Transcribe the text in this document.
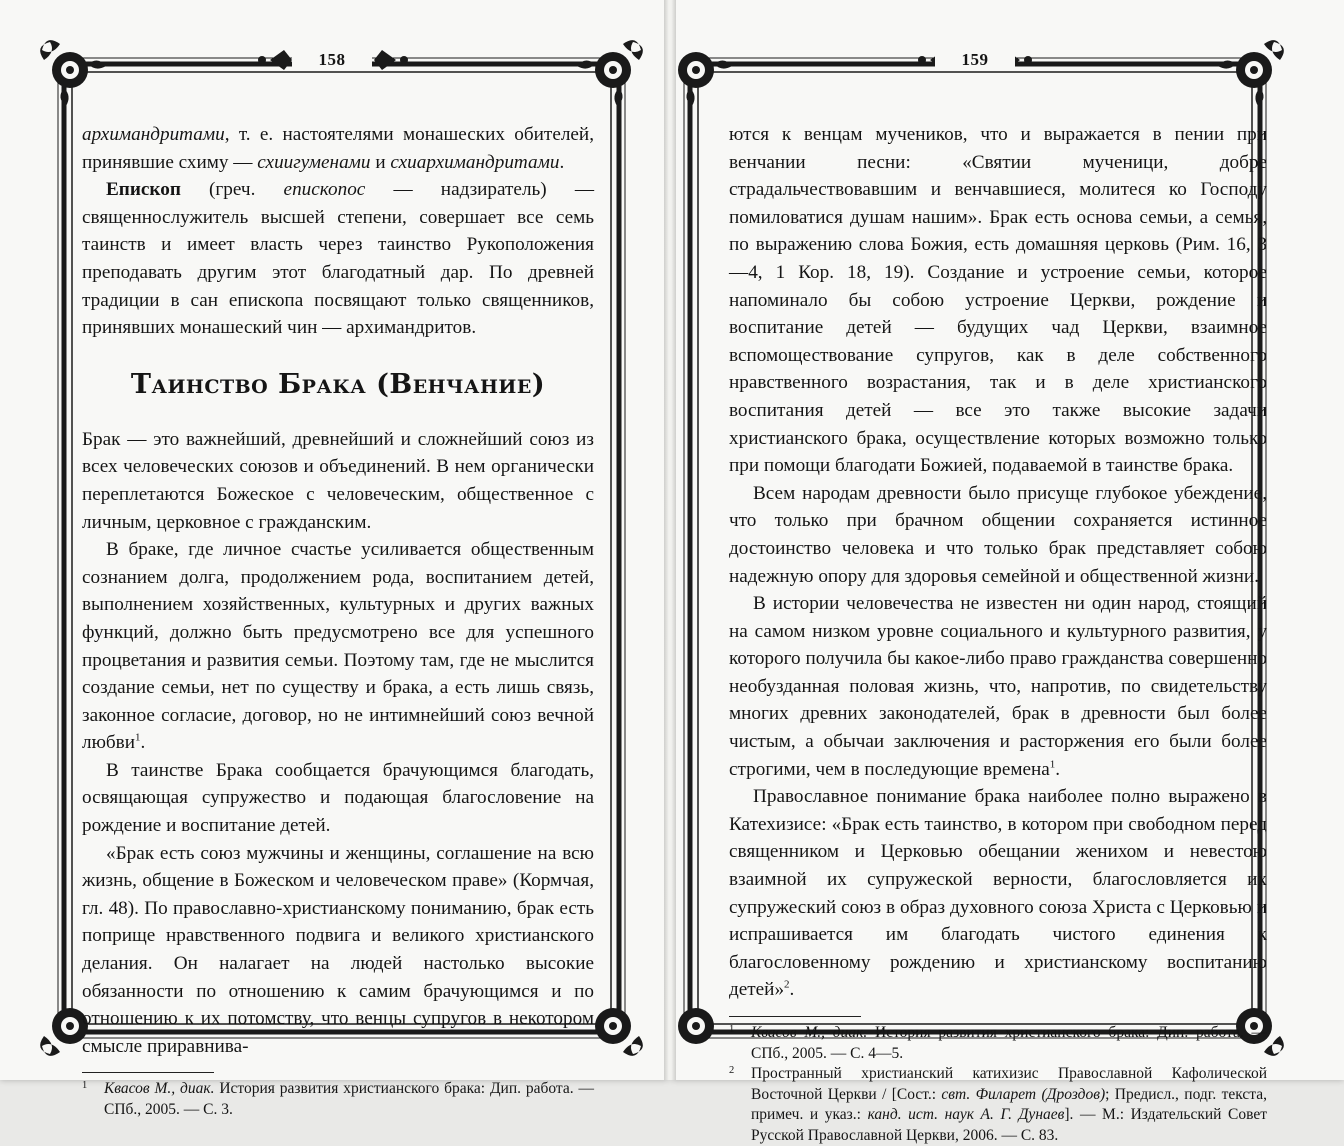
158

архимандритами, т. е. настоятелями монашеских обителей, принявшие схиму — схиигуменами и схиархимандритами.

Епископ (греч. епископос — надзиратель) — священнослужитель высшей степени, совершает все семь таинств и имеет власть через таинство Рукоположения преподавать другим этот благодатный дар. По древней традиции в сан епископа посвящают только священников, принявших монашеский чин — архимандритов.

Таинство Брака (Венчание)

Брак — это важнейший, древнейший и сложнейший союз из всех человеческих союзов и объединений. В нем органически переплетаются Божеское с человеческим, общественное с личным, церковное с гражданским.

В браке, где личное счастье усиливается общественным сознанием долга, продолжением рода, воспитанием детей, выполнением хозяйственных, культурных и других важных функций, должно быть предусмотрено все для успешного процветания и развития семьи. Поэтому там, где не мыслится создание семьи, нет по существу и брака, а есть лишь связь, законное согласие, договор, но не интимнейший союз вечной любви$^1$.

В таинстве Брака сообщается брачующимся благодать, освящающая супружество и подающая благословение на рождение и воспитание детей.

«Брак есть союз мужчины и женщины, соглашение на всю жизнь, общение в Божеском и человеческом праве» (Кормчая, гл. 48). По православно-христианскому пониманию, брак есть поприще нравственного подвига и великого христианского делания. Он налагает на людей настолько высокие обязанности по отношению к самим брачующимся и по отношению к их потомству, что венцы супругов в некотором смысле приравнива-

1 Квасов М., диак. История развития христианского брака: Дип. работа. — СПб., 2005. — С. 3.

159

ются к венцам мучеников, что и выражается в пении при венчании песни: «Святии мученици, добре страдальчествовавшим и венчавшиеся, молитеся ко Господу помиловатися душам нашим». Брак есть основа семьи, а семья, по выражению слова Божия, есть домашняя церковь (Рим. 16, 3—4, 1 Кор. 18, 19). Создание и устроение семьи, которое напоминало бы собою устроение Церкви, рождение и воспитание детей — будущих чад Церкви, взаимное вспомоществование супругов, как в деле собственного нравственного возрастания, так и в деле христианского воспитания детей — все это также высокие задачи христианского брака, осуществление которых возможно только при помощи благодати Божией, подаваемой в таинстве брака.

Всем народам древности было присуще глубокое убеждение, что только при брачном общении сохраняется истинное достоинство человека и что только брак представляет собою надежную опору для здоровья семейной и общественной жизни.

В истории человечества не известен ни один народ, стоящий на самом низком уровне социального и культурного развития, у которого получила бы какое-либо право гражданства совершенно необузданная половая жизнь, что, напротив, по свидетельству многих древних законодателей, брак в древности был более чистым, а обычаи заключения и расторжения его были более строгими, чем в последующие времена$^1$.

Православное понимание брака наиболее полно выражено в Катехизисе: «Брак есть таинство, в котором при свободном перед священником и Церковью обещании женихом и невестою взаимной их супружеской верности, благословляется их супружеский союз в образ духовного союза Христа с Церковью и испрашивается им благодать чистого единения к благословенному рождению и христианскому воспитанию детей»$^2$.

1 Квасов М., диак. История развития христианского брака: Дип. работа. — СПб., 2005. — С. 4—5.

2 Пространный христианский катихизис Православной Кафолической Восточной Церкви / [Сост.: свт. Филарет (Дроздов); Предисл., подг. текста, примеч. и указ.: канд. ист. наук А. Г. Дунаев]. — М.: Издательский Совет Русской Православной Церкви, 2006. — С. 83.
